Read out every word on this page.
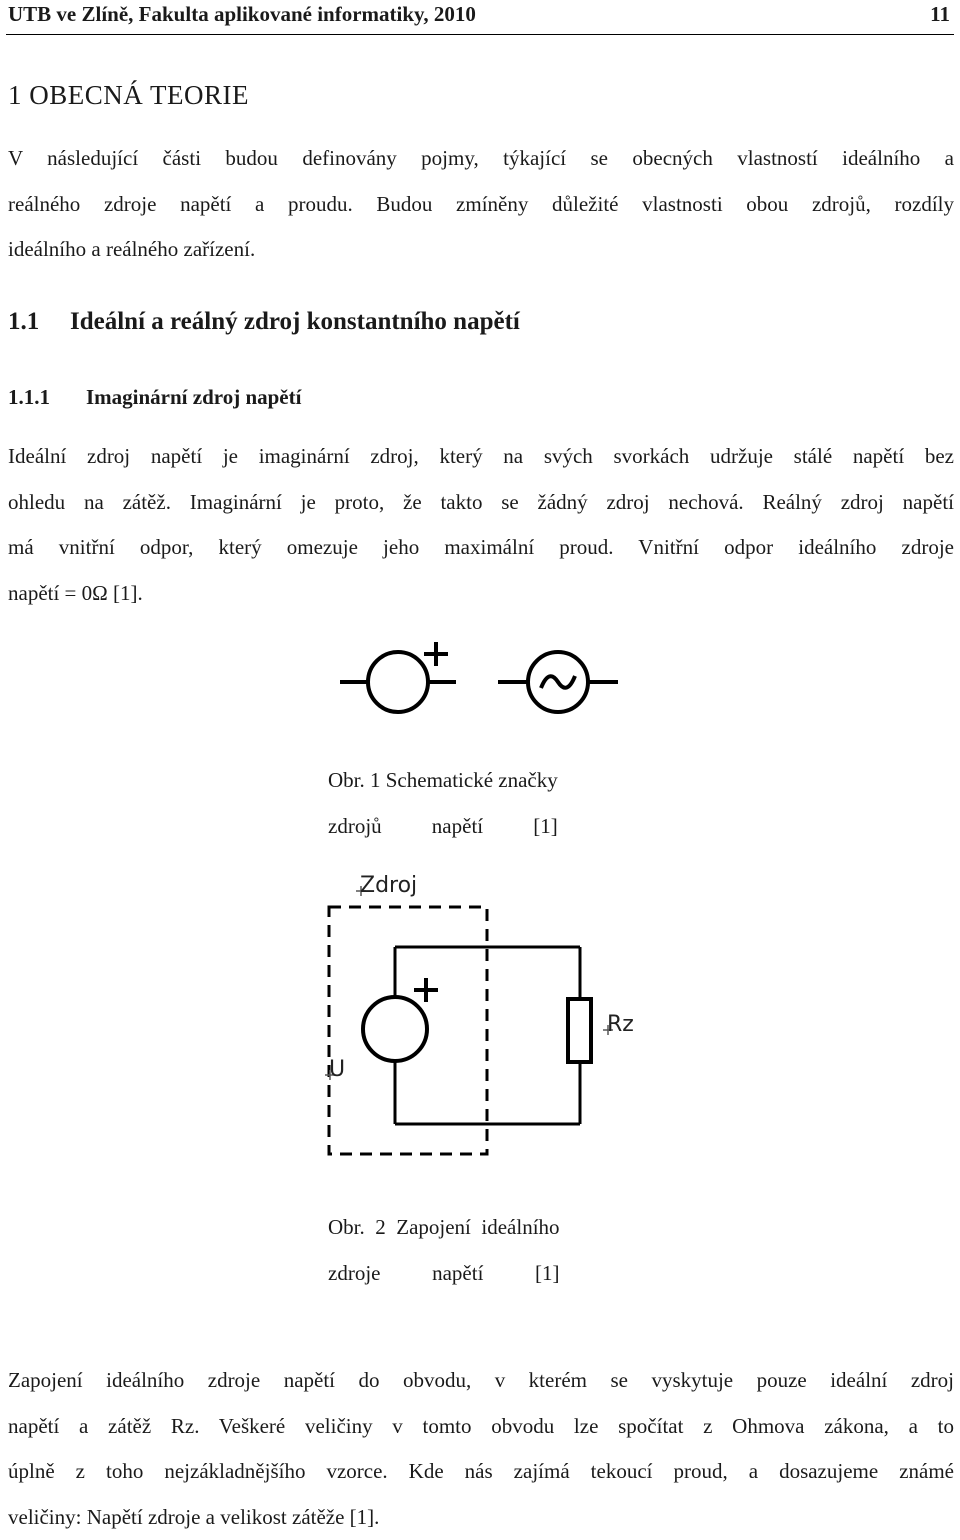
UTB ve Zlíně, Fakulta aplikované informatiky, 2010	11
1 OBECNÁ TEORIE
V následující části budou definovány pojmy, týkající se obecných vlastností ideálního a
reálného zdroje napětí a proudu. Budou zmíněny důležité vlastnosti obou zdrojů, rozdíly
ideálního a reálného zařízení.
1.1 Ideální a reálný zdroj konstantního napětí
1.1.1 Imaginární zdroj napětí
Ideální zdroj napětí je imaginární zdroj, který na svých svorkách udržuje stálé napětí bez
ohledu na zátěž. Imaginární je proto, že takto se žádný zdroj nechová. Reálný zdroj napětí
má vnitřní odpor, který omezuje jeho maximální proud. Vnitřní odpor ideálního zdroje
napětí = 0Ω [1].
Obr. 1 Schematické značky
zdrojů napětí [1]
Zdroj
U
Rz
Obr.  2  Zapojení  ideálního
zdroje napětí [1]
Zapojení ideálního zdroje napětí do obvodu, v kterém se vyskytuje pouze ideální zdroj
napětí a zátěž Rz. Veškeré veličiny v tomto obvodu lze spočítat z Ohmova zákona, a to
úplně z toho nejzákladnějšího vzorce. Kde nás zajímá tekoucí proud, a dosazujeme známé
veličiny: Napětí zdroje a velikost zátěže [1].
